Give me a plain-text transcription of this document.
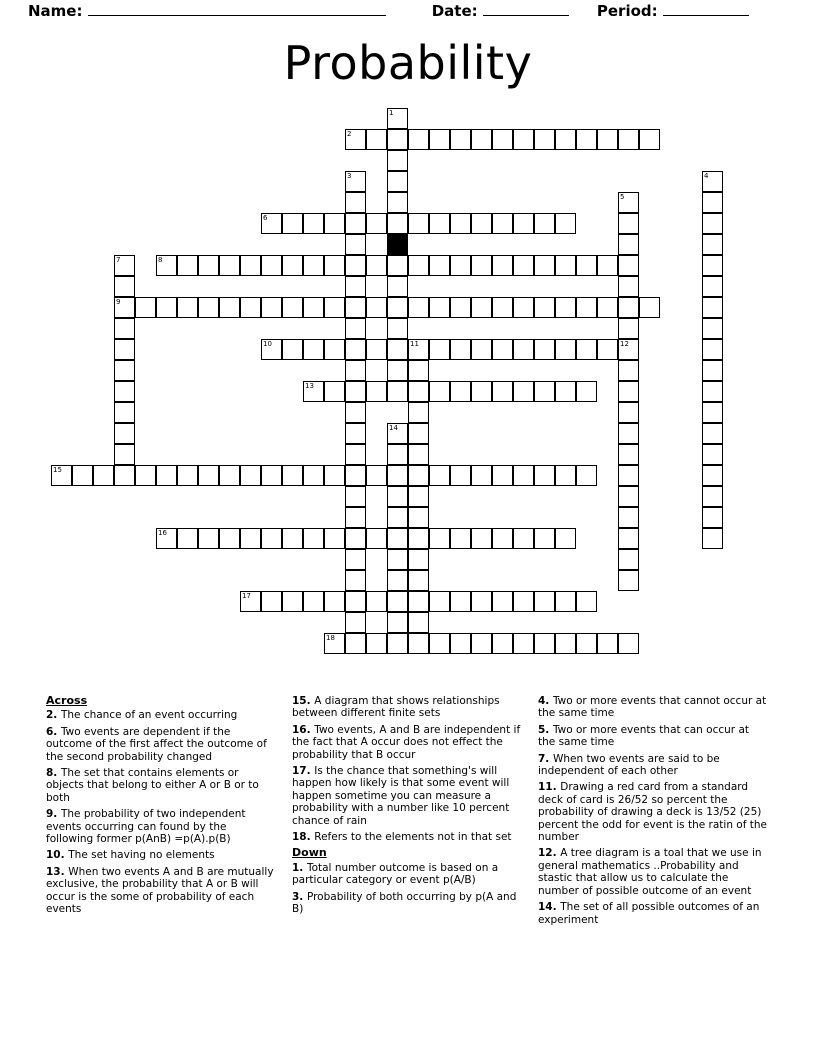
Name:	Date:	Period:
Probability
1
2
3	4
5
6
7	8
9
10	11	12
13
14
15
16
17
18
Across
2. The chance of an event occurring
6. Two events are dependent if the outcome of the first affect the outcome of the second probability changed
8. The set that contains elements or objects that belong to either A or B or to both
9. The probability of two independent events occurring can found by the following former p(AnB) =p(A).p(B)
10. The set having no elements
13. When two events A and B are mutually exclusive, the probability that A or B will occur is the some of probability of each events
15. A diagram that shows relationships between different finite sets
16. Two events, A and B are independent if the fact that A occur does not effect the probability that B occur
17. Is the chance that something's will happen how likely is that some event will happen sometime you can measure a probability with a number like 10 percent chance of rain
18. Refers to the elements not in that set
Down
1. Total number outcome is based on a particular category or event p(A/B)
3. Probability of both occurring by p(A and B)
4. Two or more events that cannot occur at the same time
5. Two or more events that can occur at the same time
7. When two events are said to be independent of each other
11. Drawing a red card from a standard deck of card is 26/52 so percent the probability of drawing a deck is 13/52 (25) percent the odd for event is the ratin of the number
12. A tree diagram is a toal that we use in general mathematics ..Probability and stastic that allow us to calculate the number of possible outcome of an event
14. The set of all possible outcomes of an experiment
